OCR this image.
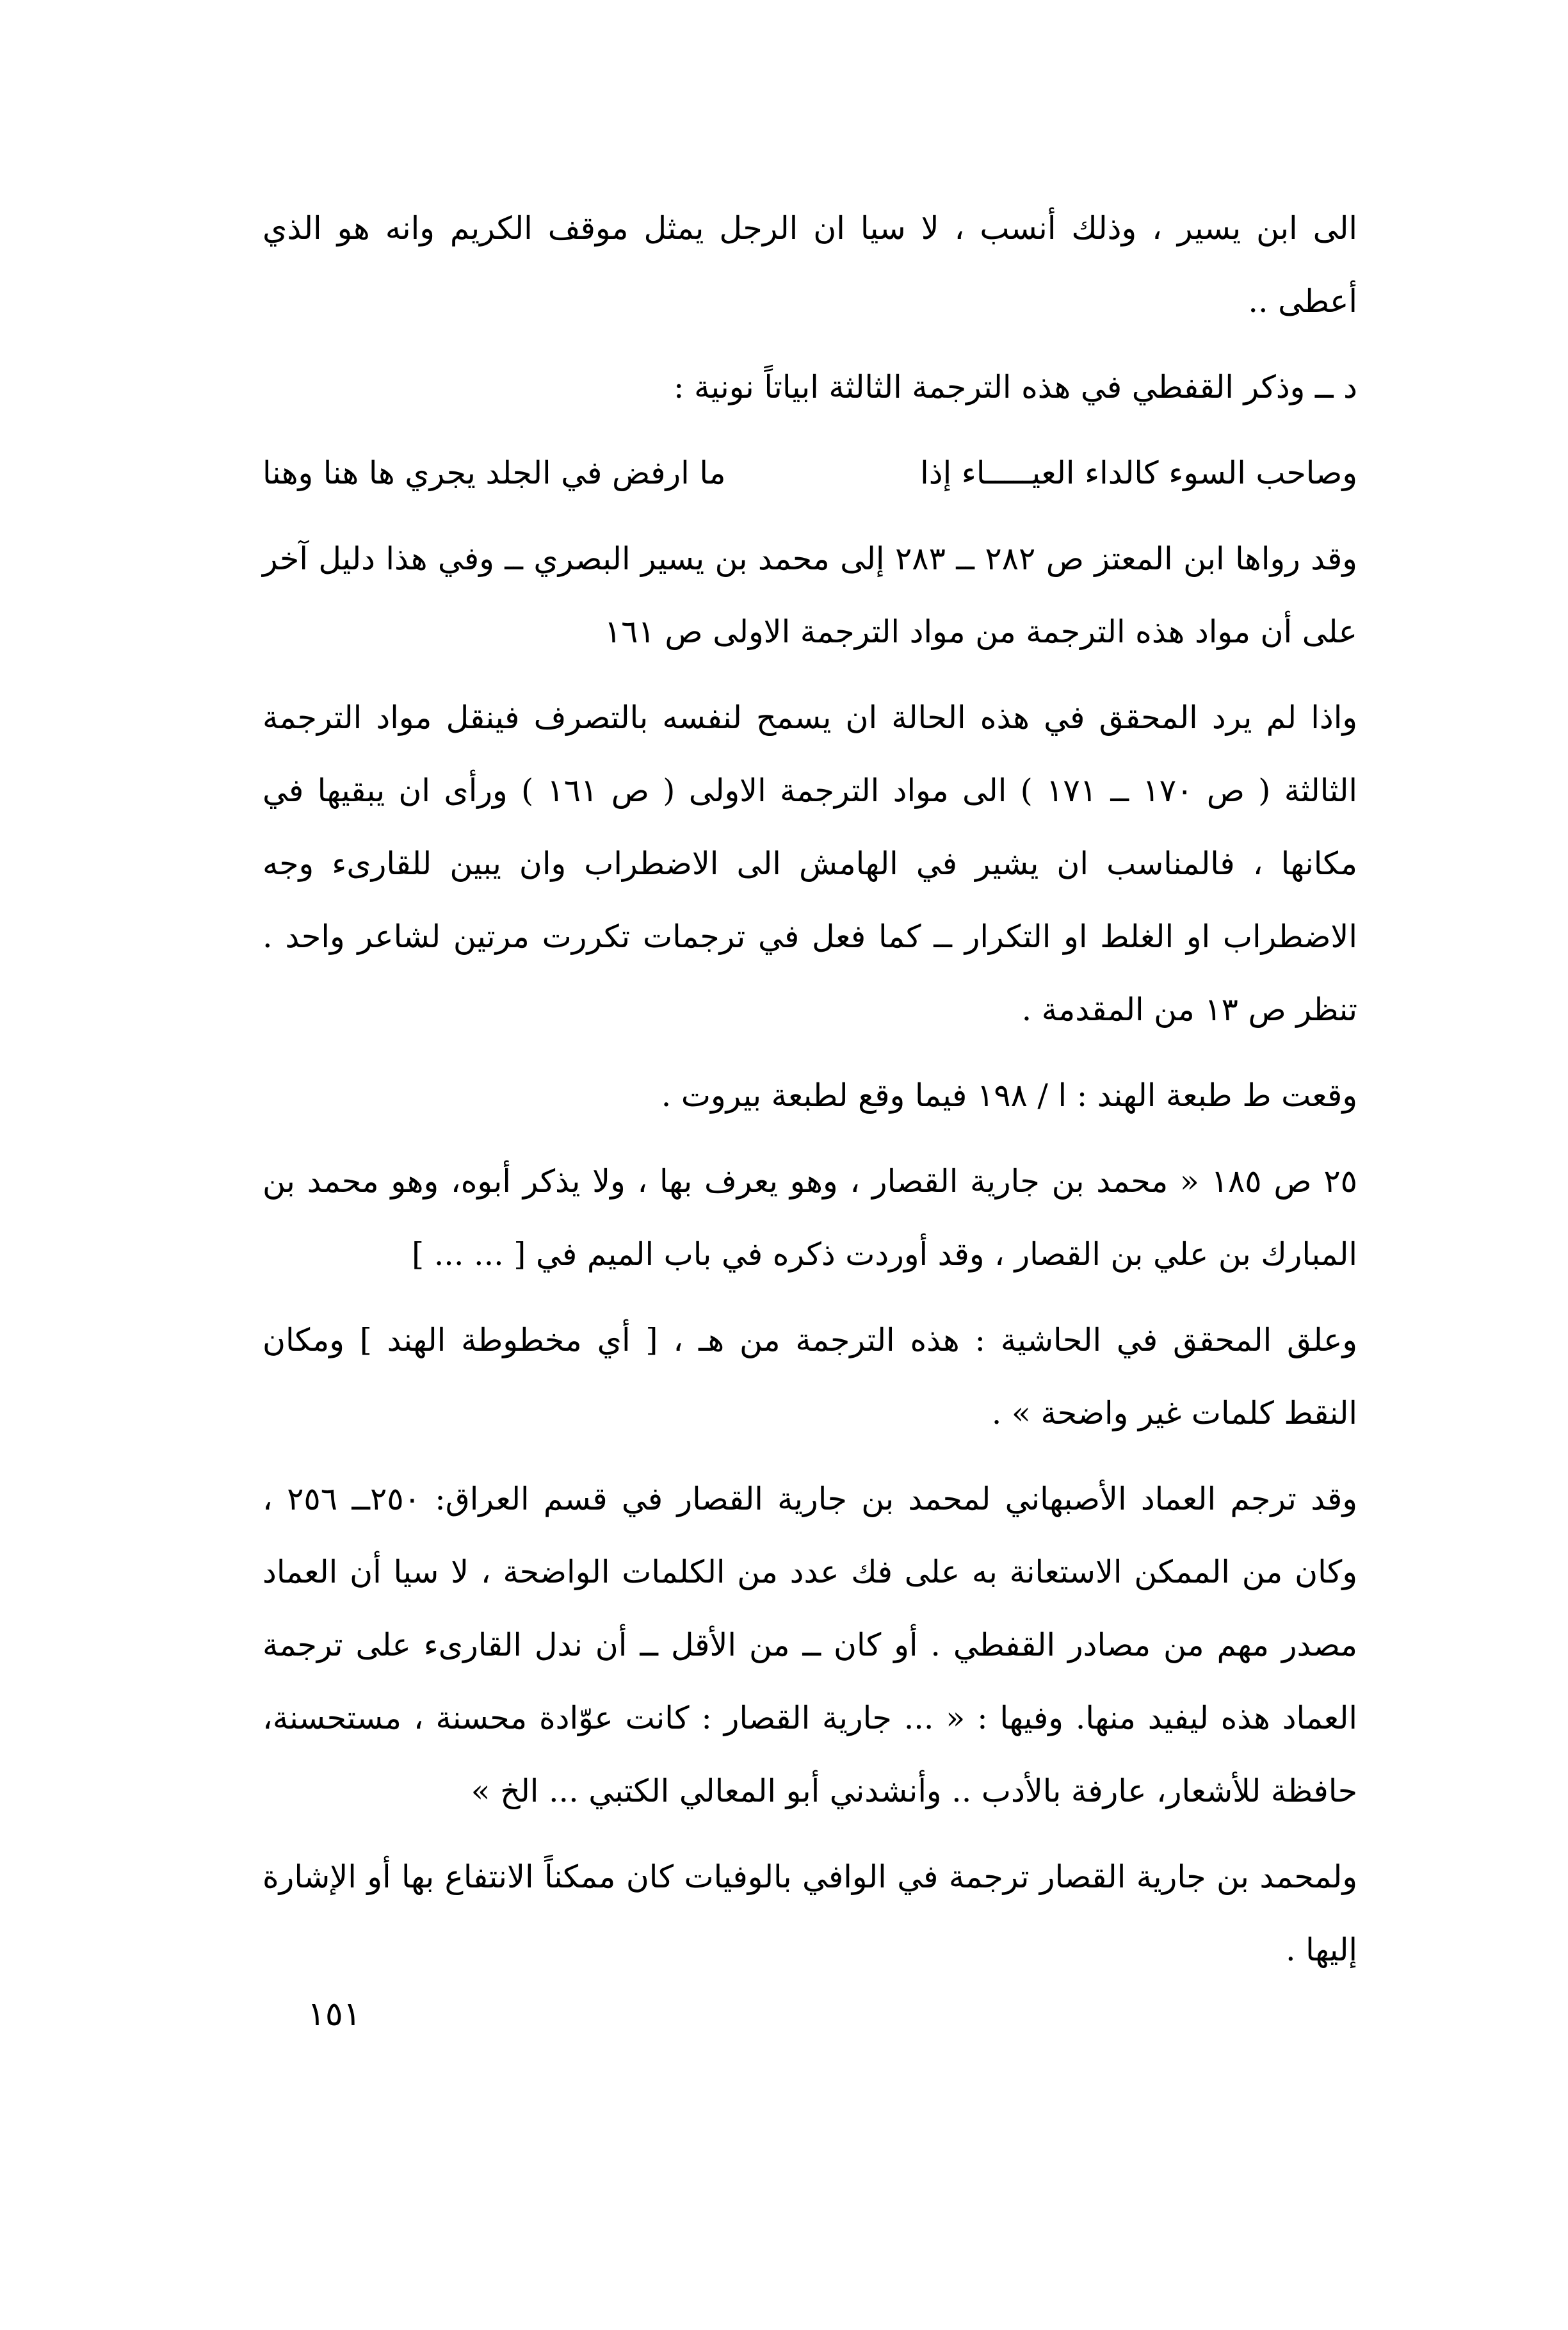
الى ابن يسير ، وذلك أنسب ، لا سيا ان الرجل يمثل موقف الكريم وانه هو الذي أعطى ..

د ــ وذكر القفطي في هذه الترجمة الثالثة ابياتاً نونية :

وصاحب السوء كالداء العيـــــاء إذا
ما ارفض في الجلد يجري ها هنا وهنا

وقد رواها ابن المعتز ص ٢٨٢ ــ ٢٨٣ إلى محمد بن يسير البصري ــ وفي هذا دليل آخر على أن مواد هذه الترجمة من مواد الترجمة الاولى ص ١٦١

واذا لم يرد المحقق في هذه الحالة ان يسمح لنفسه بالتصرف فينقل مواد الترجمة الثالثة ( ص ١٧٠ ــ ١٧١ ) الى مواد الترجمة الاولى ( ص ١٦١ ) ورأى ان يبقيها في مكانها ، فالمناسب ان يشير في الهامش الى الاضطراب وان يبين للقارىء وجه الاضطراب او الغلط او التكرار ــ كما فعل في ترجمات تكررت مرتين لشاعر واحد . تنظر ص ١٣ من المقدمة .

وقعت ط طبعة الهند : ا / ١٩٨ فيما وقع لطبعة بيروت .

٢٥ ص ١٨٥ « محمد بن جارية القصار ، وهو يعرف بها ، ولا يذكر أبوه، وهو محمد بن المبارك بن علي بن القصار ، وقد أوردت ذكره في باب الميم في [ ... ... ]

وعلق المحقق في الحاشية : هذه الترجمة من هـ ، [ أي مخطوطة الهند ] ومكان النقط كلمات غير واضحة » .

وقد ترجم العماد الأصبهاني لمحمد بن جارية القصار في قسم العراق: ٢٥٠ــ ٢٥٦ ، وكان من الممكن الاستعانة به على فك عدد من الكلمات الواضحة ، لا سيا أن العماد مصدر مهم من مصادر القفطي . أو كان ــ من الأقل ــ أن ندل القارىء على ترجمة العماد هذه ليفيد منها. وفيها : « ... جارية القصار : كانت عوّادة محسنة ، مستحسنة، حافظة للأشعار، عارفة بالأدب .. وأنشدني أبو المعالي الكتبي ... الخ »

ولمحمد بن جارية القصار ترجمة في الوافي بالوفيات كان ممكناً الانتفاع بها أو الإشارة إليها .

١٥١
